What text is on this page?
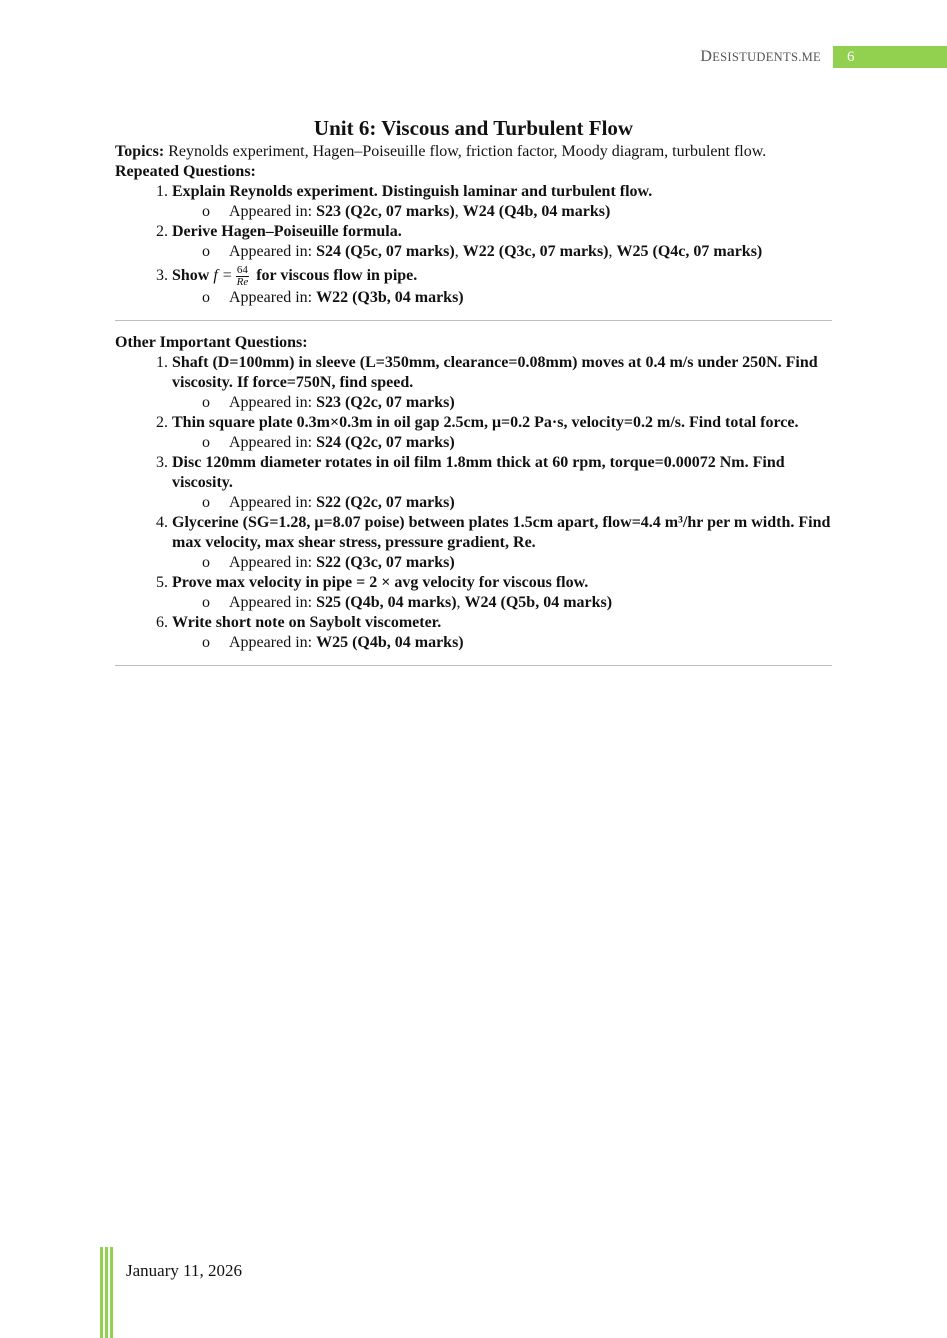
DESISTUDENTS.ME	6
Unit 6: Viscous and Turbulent Flow
Topics: Reynolds experiment, Hagen–Poiseuille flow, friction factor, Moody diagram, turbulent flow.
Repeated Questions:
1. Explain Reynolds experiment. Distinguish laminar and turbulent flow.
o Appeared in: S23 (Q2c, 07 marks), W24 (Q4b, 04 marks)
2. Derive Hagen–Poiseuille formula.
o Appeared in: S24 (Q5c, 07 marks), W22 (Q3c, 07 marks), W25 (Q4c, 07 marks)
3. Show $f = \frac{64}{Re}$ for viscous flow in pipe.
o Appeared in: W22 (Q3b, 04 marks)
Other Important Questions:
1. Shaft (D=100mm) in sleeve (L=350mm, clearance=0.08mm) moves at 0.4 m/s under 250N. Find viscosity. If force=750N, find speed.
o Appeared in: S23 (Q2c, 07 marks)
2. Thin square plate 0.3m×0.3m in oil gap 2.5cm, μ=0.2 Pa·s, velocity=0.2 m/s. Find total force.
o Appeared in: S24 (Q2c, 07 marks)
3. Disc 120mm diameter rotates in oil film 1.8mm thick at 60 rpm, torque=0.00072 Nm. Find viscosity.
o Appeared in: S22 (Q2c, 07 marks)
4. Glycerine (SG=1.28, μ=8.07 poise) between plates 1.5cm apart, flow=4.4 m³/hr per m width. Find max velocity, max shear stress, pressure gradient, Re.
o Appeared in: S22 (Q3c, 07 marks)
5. Prove max velocity in pipe = 2 × avg velocity for viscous flow.
o Appeared in: S25 (Q4b, 04 marks), W24 (Q5b, 04 marks)
6. Write short note on Saybolt viscometer.
o Appeared in: W25 (Q4b, 04 marks)
January 11, 2026
